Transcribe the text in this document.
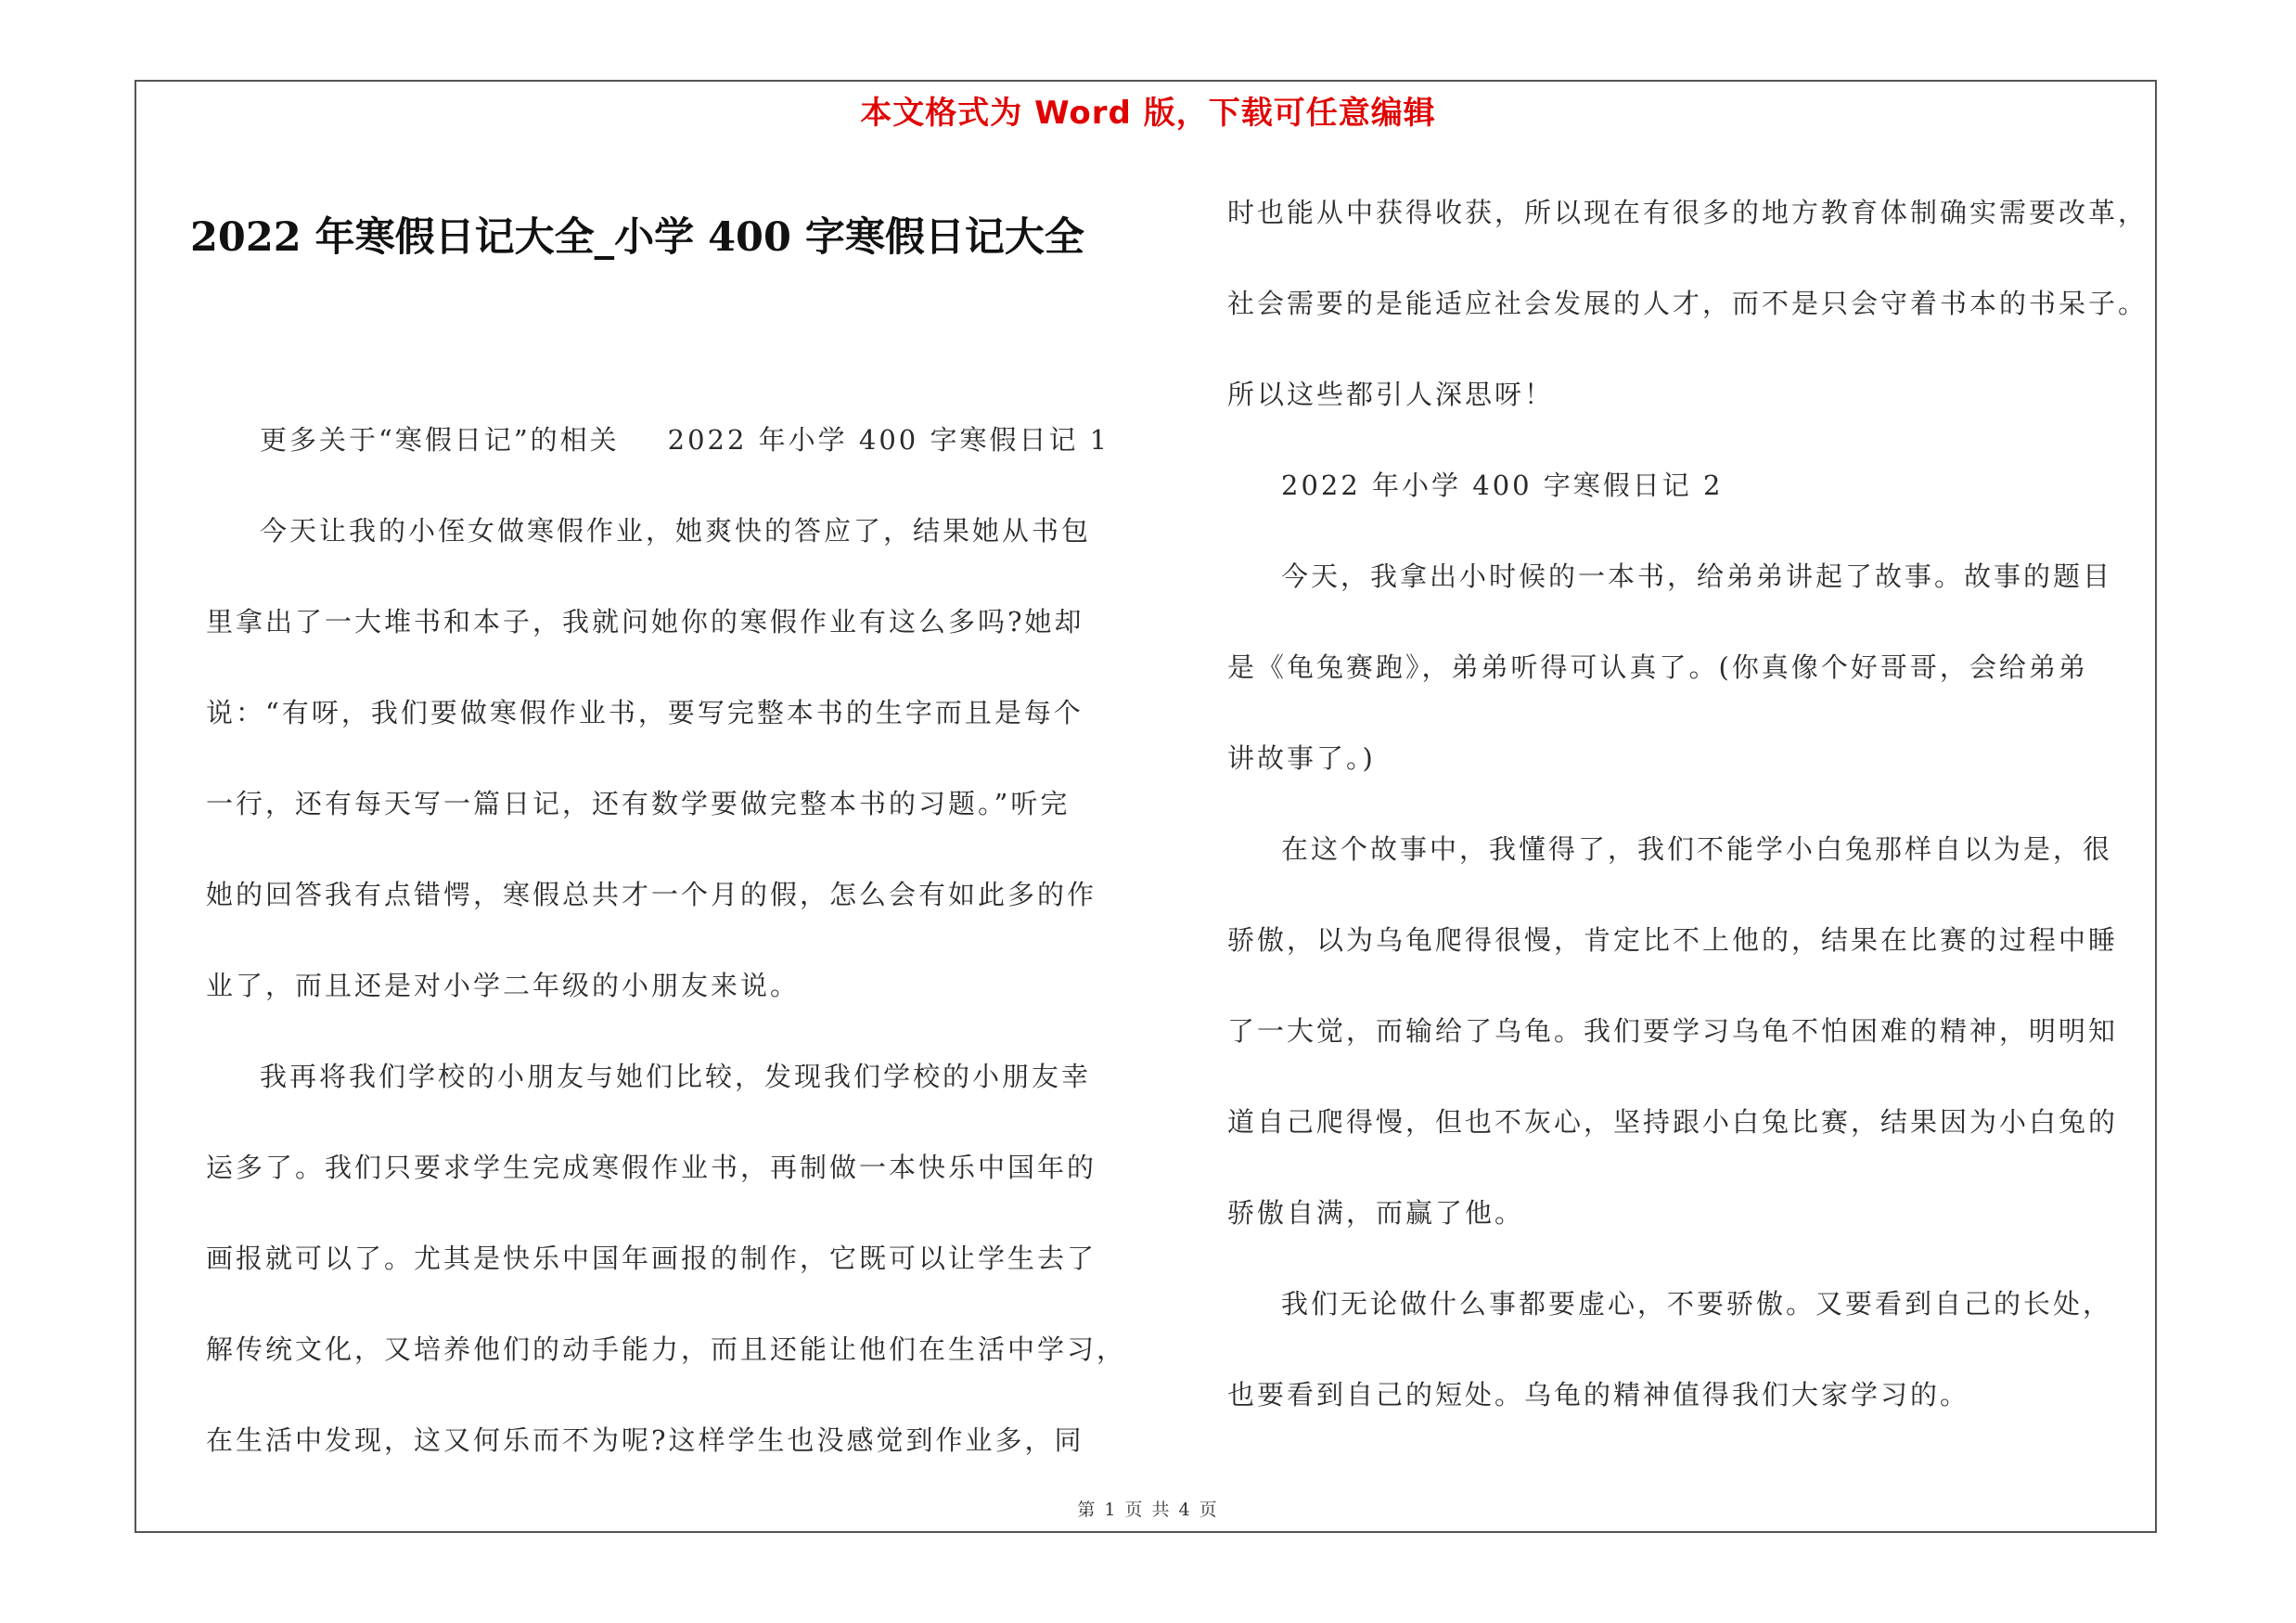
本文格式为 Word 版，下载可任意编辑
2022 年寒假日记大全_小学 400 字寒假日记大全
更多关于“寒假日记”的相关 2022 年小学 400 字寒假日记 1
今天让我的小侄女做寒假作业，她爽快的答应了，结果她从书包
里拿出了一大堆书和本子，我就问她你的寒假作业有这么多吗?她却
说：“有呀，我们要做寒假作业书，要写完整本书的生字而且是每个
一行，还有每天写一篇日记，还有数学要做完整本书的习题。”听完
她的回答我有点错愕，寒假总共才一个月的假，怎么会有如此多的作
业了，而且还是对小学二年级的小朋友来说。
我再将我们学校的小朋友与她们比较，发现我们学校的小朋友幸
运多了。我们只要求学生完成寒假作业书，再制做一本快乐中国年的
画报就可以了。尤其是快乐中国年画报的制作，它既可以让学生去了
解传统文化，又培养他们的动手能力，而且还能让他们在生活中学习，
在生活中发现，这又何乐而不为呢?这样学生也没感觉到作业多，同
时也能从中获得收获，所以现在有很多的地方教育体制确实需要改革，
社会需要的是能适应社会发展的人才，而不是只会守着书本的书呆子。
所以这些都引人深思呀！
2022 年小学 400 字寒假日记 2
今天，我拿出小时候的一本书，给弟弟讲起了故事。故事的题目
是《龟兔赛跑》，弟弟听得可认真了。(你真像个好哥哥，会给弟弟
讲故事了。)
在这个故事中，我懂得了，我们不能学小白兔那样自以为是，很
骄傲，以为乌龟爬得很慢，肯定比不上他的，结果在比赛的过程中睡
了一大觉，而输给了乌龟。我们要学习乌龟不怕困难的精神，明明知
道自己爬得慢，但也不灰心，坚持跟小白兔比赛，结果因为小白兔的
骄傲自满，而赢了他。
我们无论做什么事都要虚心，不要骄傲。又要看到自己的长处，
也要看到自己的短处。乌龟的精神值得我们大家学习的。
第 1 页 共 4 页
